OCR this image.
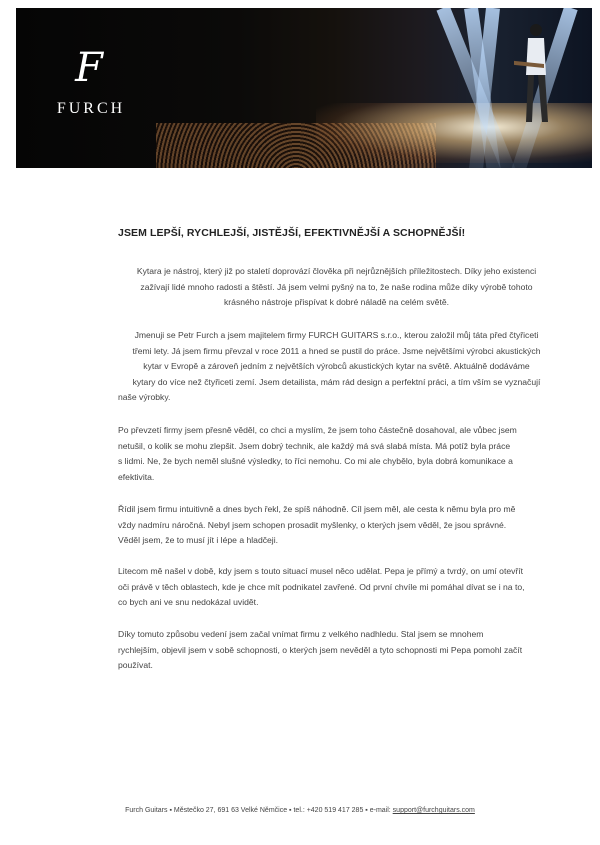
F
FURCH
JSEM LEPŠÍ, RYCHLEJŠÍ, JISTĚJŠÍ, EFEKTIVNĚJŠÍ A SCHOPNĚJŠÍ!
Kytara je nástroj, který již po staletí doprovází člověka při nejrůznějších příležitostech. Díky jeho existenci
zažívají lidé mnoho radosti a štěstí. Já jsem velmi pyšný na to, že naše rodina může díky výrobě tohoto
krásného nástroje přispívat k dobré náladě na celém světě.
Jmenuji se Petr Furch a jsem majitelem firmy FURCH GUITARS s.r.o., kterou založil můj táta před čtyřiceti
třemi lety. Já jsem firmu převzal v roce 2011 a hned se pustil do práce. Jsme největšími výrobci akustických
kytar v Evropě a zároveň jedním z největších výrobců akustických kytar na světě. Aktuálně dodáváme
kytary do více než čtyřiceti zemí. Jsem detailista, mám rád design a perfektní práci, a tím vším se vyznačují
naše výrobky.
Po převzetí firmy jsem přesně věděl, co chci a myslím, že jsem toho částečně dosahoval, ale vůbec jsem
netušil, o kolik se mohu zlepšit. Jsem dobrý technik, ale každý má svá slabá místa. Má potíž byla práce
s lidmi. Ne, že bych neměl slušné výsledky, to říci nemohu. Co mi ale chybělo, byla dobrá komunikace a
efektivita.
Řídil jsem firmu intuitivně a dnes bych řekl, že spíš náhodně. Cíl jsem měl, ale cesta k němu byla pro mě
vždy nadmíru náročná. Nebyl jsem schopen prosadit myšlenky, o kterých jsem věděl, že jsou správné.
Věděl jsem, že to musí jít i lépe a hladčeji.
Litecom mě našel v době, kdy jsem s touto situací musel něco udělat. Pepa je přímý a tvrdý, on umí otevřít
oči právě v těch oblastech, kde je chce mít podnikatel zavřené. Od první chvíle mi pomáhal dívat se i na to,
co bych ani ve snu nedokázal uvidět.
Díky tomuto způsobu vedení jsem začal vnímat firmu z velkého nadhledu. Stal jsem se mnohem
rychlejším, objevil jsem v sobě schopnosti, o kterých jsem nevěděl a tyto schopnosti mi Pepa pomohl začít
používat.
Furch Guitars ▪ Městečko 27, 691 63 Velké Němčice ▪ tel.: +420 519 417 285 ▪ e-mail: support@furchguitars.com
